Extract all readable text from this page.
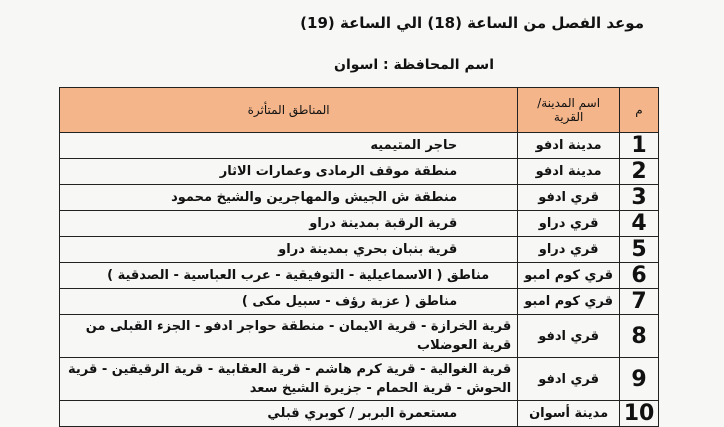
موعد الفصل من الساعة (18) الي الساعة (19)
اسم المحافظة : اسوان
م	اسم المدينة/ القرية	المناطق المتأثرة
1	مدينة ادفو	حاجر المتيميه
2	مدينة ادفو	منطقة موقف الرمادى وعمارات الاثار
3	قري ادفو	منطقة ش الجيش والمهاجرين والشيخ محمود
4	قري دراو	قرية الرقبة بمدينة دراو
5	قري دراو	قرية بنبان بحري بمدينة دراو
6	قري كوم امبو	مناطق ( الاسماعيلية - التوفيقية - عرب العباسية - الصدقية )
7	قري كوم امبو	مناطق ( عزبة رؤف - سبيل مكى )
8	قري ادفو	قرية الخرازة - قرية الايمان - منطقة حواجر ادفو - الجزء القبلى من قرية العوضلاب
9	قري ادفو	قرية الغوالية - قرية كرم هاشم - قرية العقابية - قرية الرقيقين - قرية الحوش - قرية الحمام - جزيرة الشيخ سعد
10	مدينة أسوان	مستعمرة البربر / كوبري قبلي
